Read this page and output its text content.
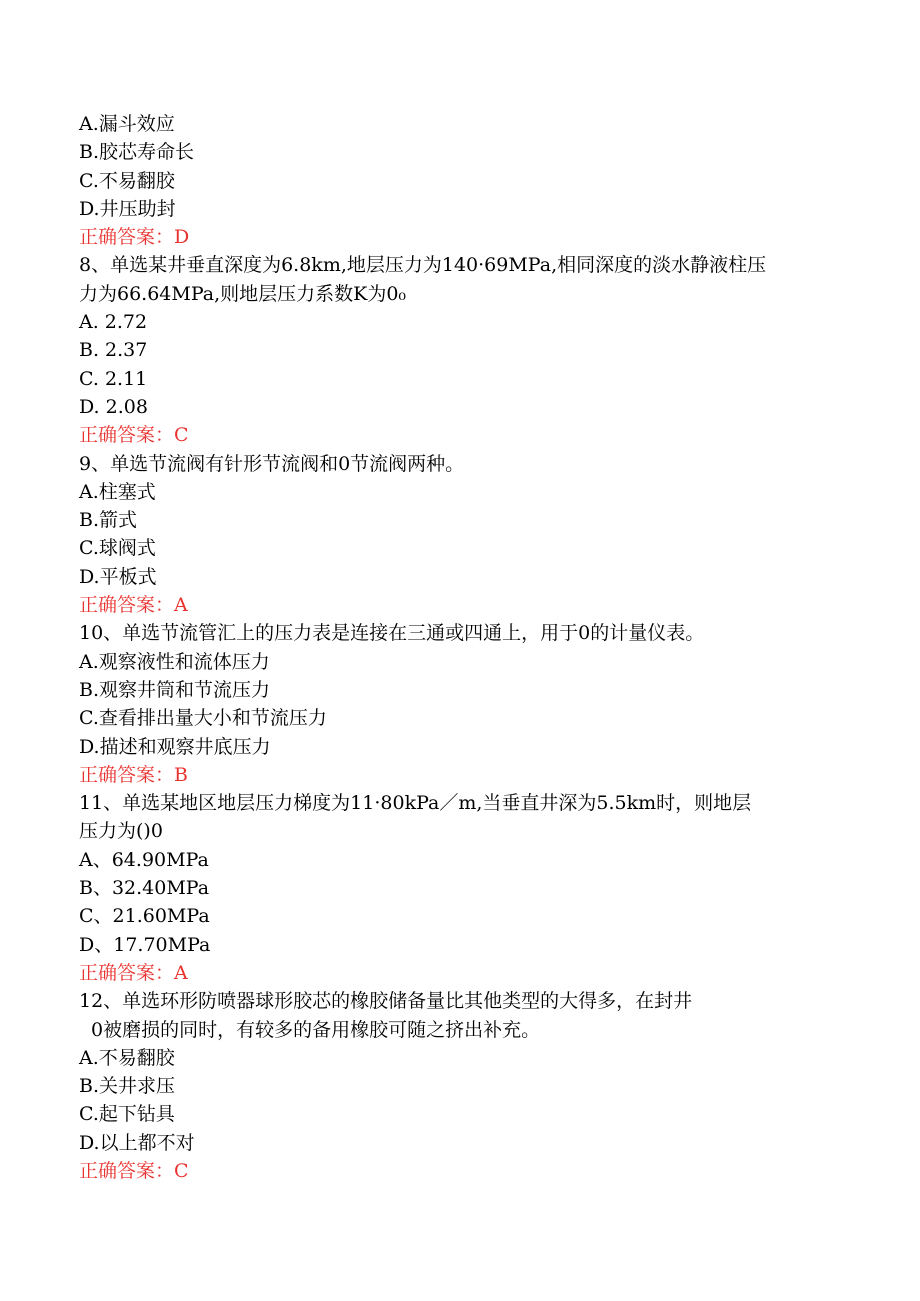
A.漏斗效应
B.胶芯寿命长
C.不易翻胶
D.井压助封
正确答案：D
8、单选某井垂直深度为6.8km,地层压力为140·69MPa,相同深度的淡水静液柱压
力为66.64MPa,则地层压力系数K为0₀
A. 2.72
B. 2.37
C. 2.11
D. 2.08
正确答案：C
9、单选节流阀有针形节流阀和0节流阀两种。
A.柱塞式
B.箭式
C.球阀式
D.平板式
正确答案：A
10、单选节流管汇上的压力表是连接在三通或四通上，用于0的计量仪表。
A.观察液性和流体压力
B.观察井筒和节流压力
C.查看排出量大小和节流压力
D.描述和观察井底压力
正确答案：B
11、单选某地区地层压力梯度为11·80kPa／m,当垂直井深为5.5km时，则地层
压力为()0
A、64.90MPa
B、32.40MPa
C、21.60MPa
D、17.70MPa
正确答案：A
12、单选环形防喷器球形胶芯的橡胶储备量比其他类型的大得多，在封井
0被磨损的同时，有较多的备用橡胶可随之挤出补充。
A.不易翻胶
B.关井求压
C.起下钻具
D.以上都不对
正确答案：C
